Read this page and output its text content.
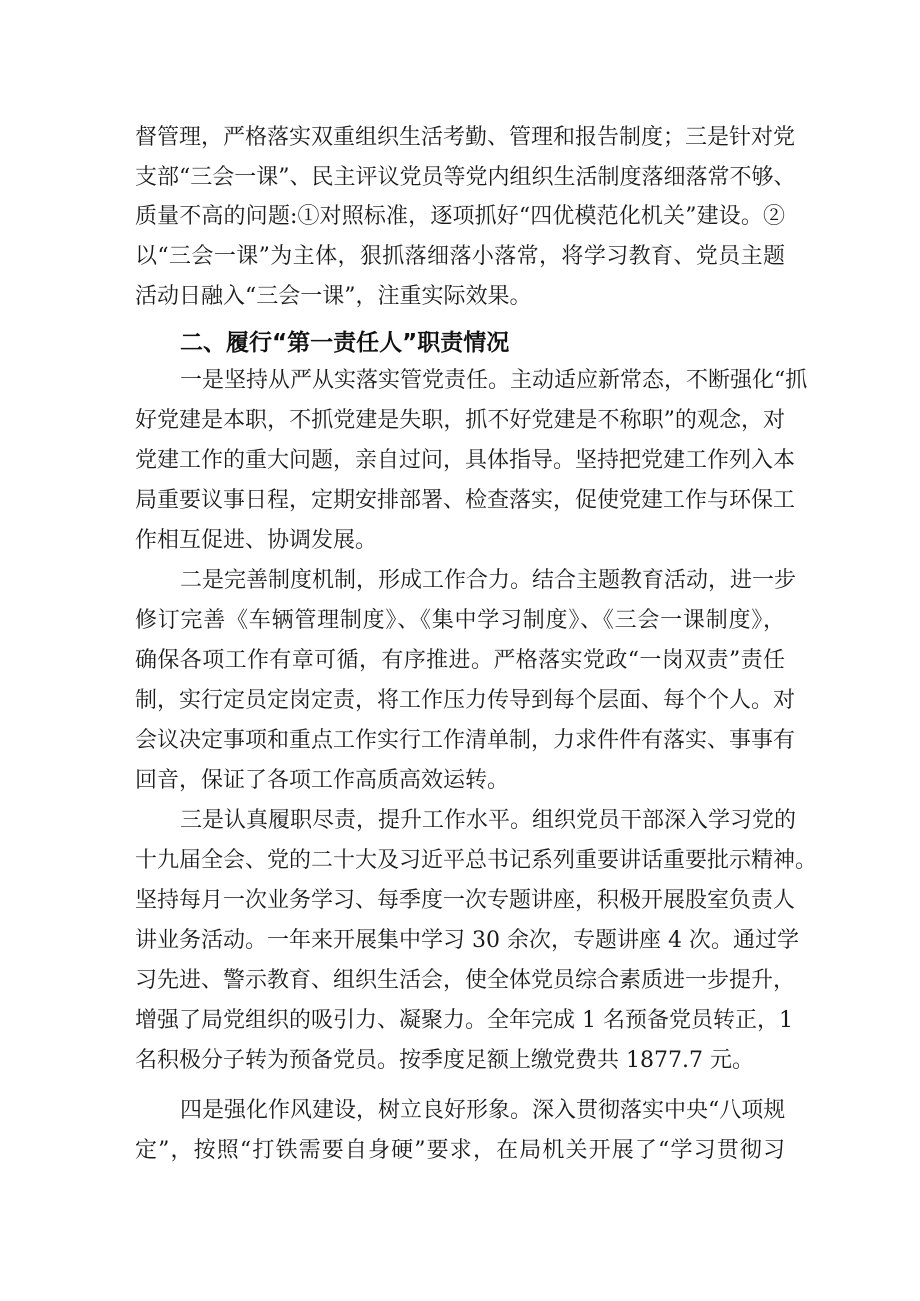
督管理，严格落实双重组织生活考勤、管理和报告制度；三是针对党
支部“三会一课”、民主评议党员等党内组织生活制度落细落常不够、
质量不高的问题:①对照标准，逐项抓好“四优模范化机关”建设。②
以“三会一课”为主体，狠抓落细落小落常，将学习教育、党员主题
活动日融入“三会一课”，注重实际效果。
二、履行“第一责任人”职责情况
一是坚持从严从实落实管党责任。主动适应新常态，不断强化“抓
好党建是本职，不抓党建是失职，抓不好党建是不称职”的观念，对
党建工作的重大问题，亲自过问，具体指导。坚持把党建工作列入本
局重要议事日程，定期安排部署、检查落实，促使党建工作与环保工
作相互促进、协调发展。
二是完善制度机制，形成工作合力。结合主题教育活动，进一步
修订完善《车辆管理制度》、《集中学习制度》、《三会一课制度》，
确保各项工作有章可循，有序推进。严格落实党政“一岗双责”责任
制，实行定员定岗定责，将工作压力传导到每个层面、每个个人。对
会议决定事项和重点工作实行工作清单制，力求件件有落实、事事有
回音，保证了各项工作高质高效运转。
三是认真履职尽责，提升工作水平。组织党员干部深入学习党的
十九届全会、党的二十大及习近平总书记系列重要讲话重要批示精神。
坚持每月一次业务学习、每季度一次专题讲座，积极开展股室负责人
讲业务活动。一年来开展集中学习 30 余次，专题讲座 4 次。通过学
习先进、警示教育、组织生活会，使全体党员综合素质进一步提升，
增强了局党组织的吸引力、凝聚力。全年完成 1 名预备党员转正，1
名积极分子转为预备党员。按季度足额上缴党费共 1877.7 元。
四是强化作风建设，树立良好形象。深入贯彻落实中央“八项规
定”，按照“打铁需要自身硬”要求，在局机关开展了“学习贯彻习
